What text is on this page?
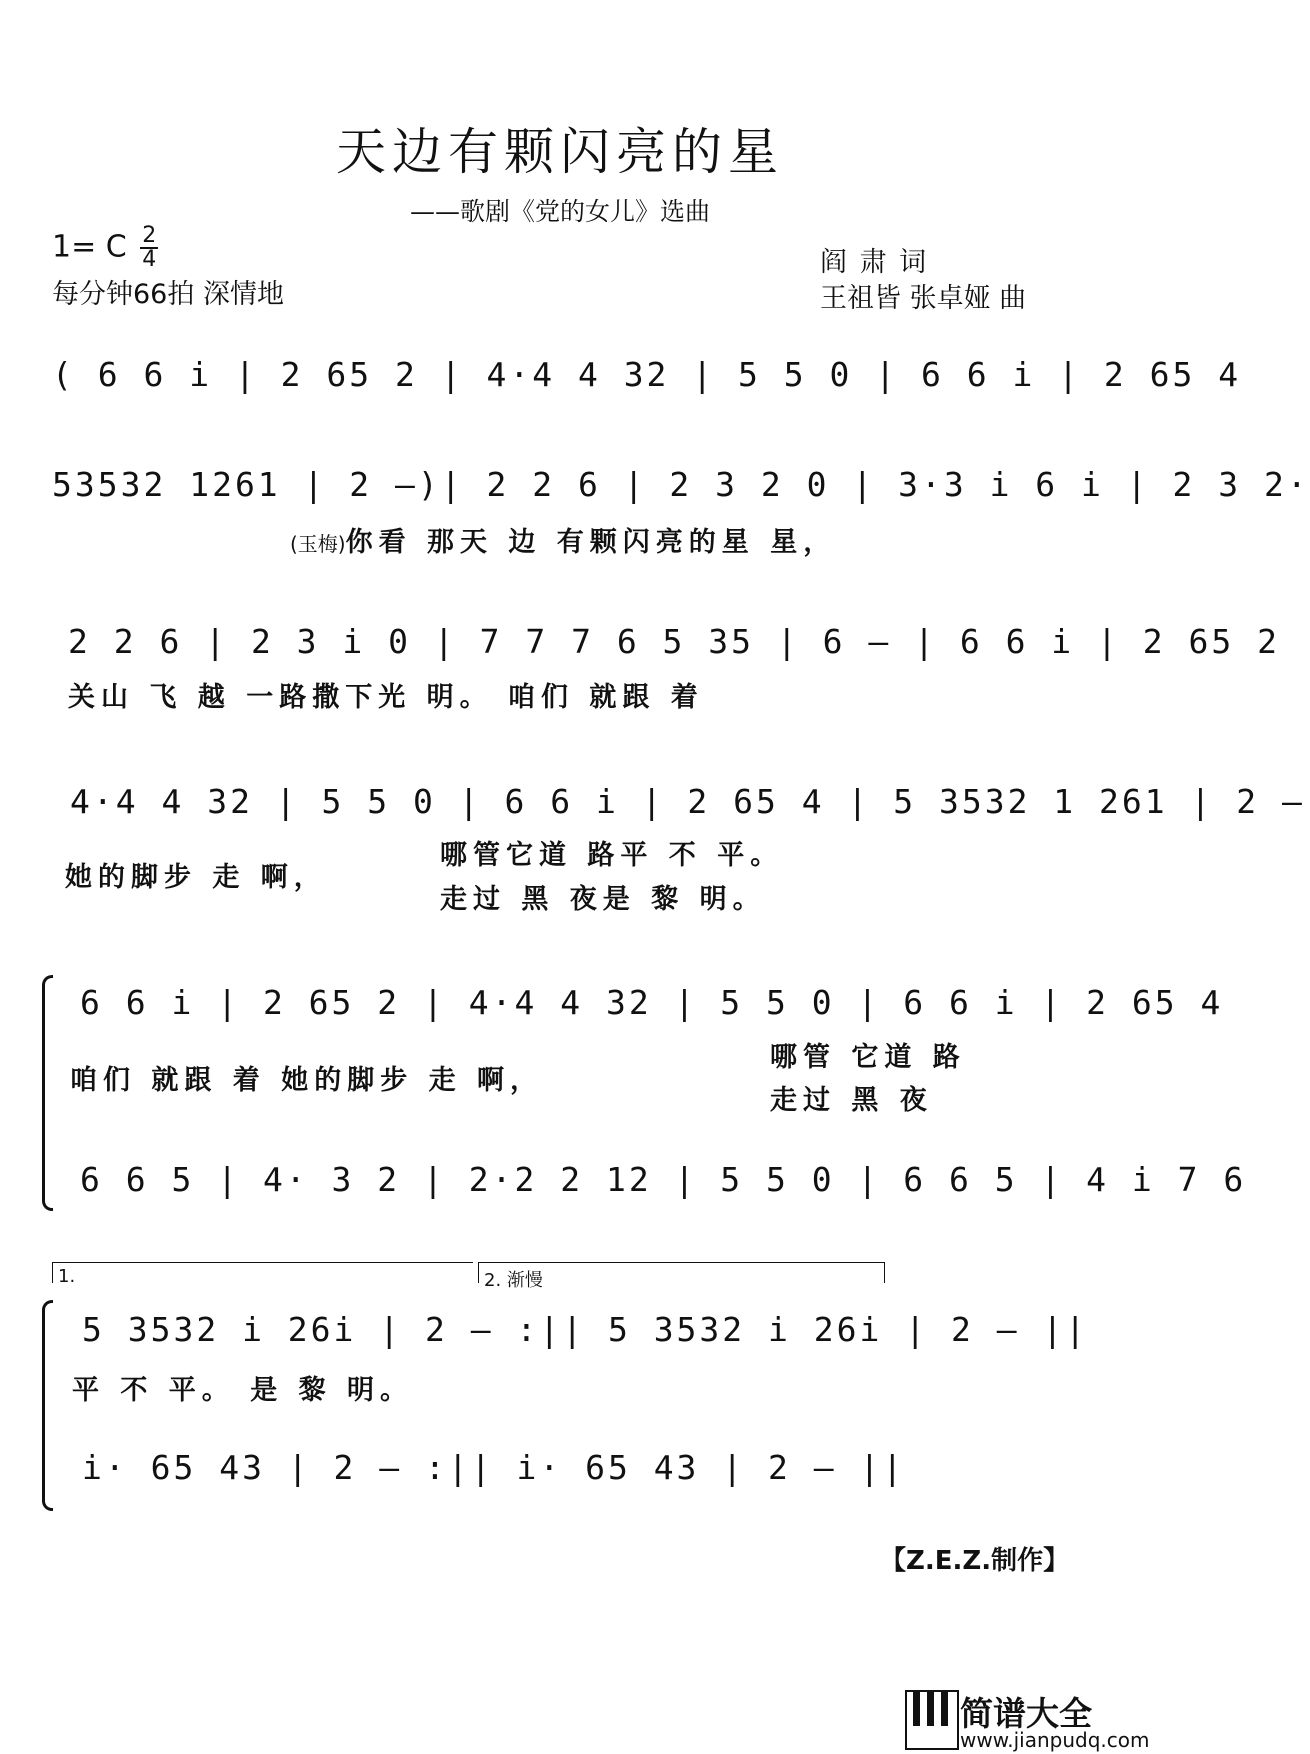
天边有颗闪亮的星
——歌剧《党的女儿》选曲
1= C $\frac{2}{4}$
每分钟66拍 深情地
阎 肃 词
王祖皆 张卓娅 曲
( 6 6 i | 2 65 2 | 4·4 4 32 | 5 5 0 | 6 6 i | 2 65 4
53532 1261 | 2 –)| 2 2 6 | 2 3 2 0 | 3·3 i 6 i | 2 3 2·
(玉梅)你看 那天 边 有颗闪亮的星 星，
2 2 6 | 2 3 i 0 | 7 7 7 6 5 35 | 6 – | 6 6 i | 2 65 2
关山 飞 越 一路撒下光 明。 咱们 就跟 着
4·4 4 32 | 5 5 0 | 6 6 i | 2 65 4 | 5 3532 1 261 | 2 –
她的脚步 走 啊，
哪管它道 路平 不 平。
走过 黑 夜是 黎 明。
6 6 i | 2 65 2 | 4·4 4 32 | 5 5 0 | 6 6 i | 2 65 4
咱们 就跟 着 她的脚步 走 啊，
哪管 它道 路
走过 黑 夜
6 6 5 | 4· 3 2 | 2·2 2 12 | 5 5 0 | 6 6 5 | 4 i 7 6
1.	2. 渐慢
5 3532 i 26i | 2 – :|| 5 3532 i 26i | 2 – ||
平 不 平。 是 黎 明。
i· 65 43 | 2 – :|| i· 65 43 | 2 – ||
【Z.E.Z.制作】
简谱大全
www.jianpudq.com
